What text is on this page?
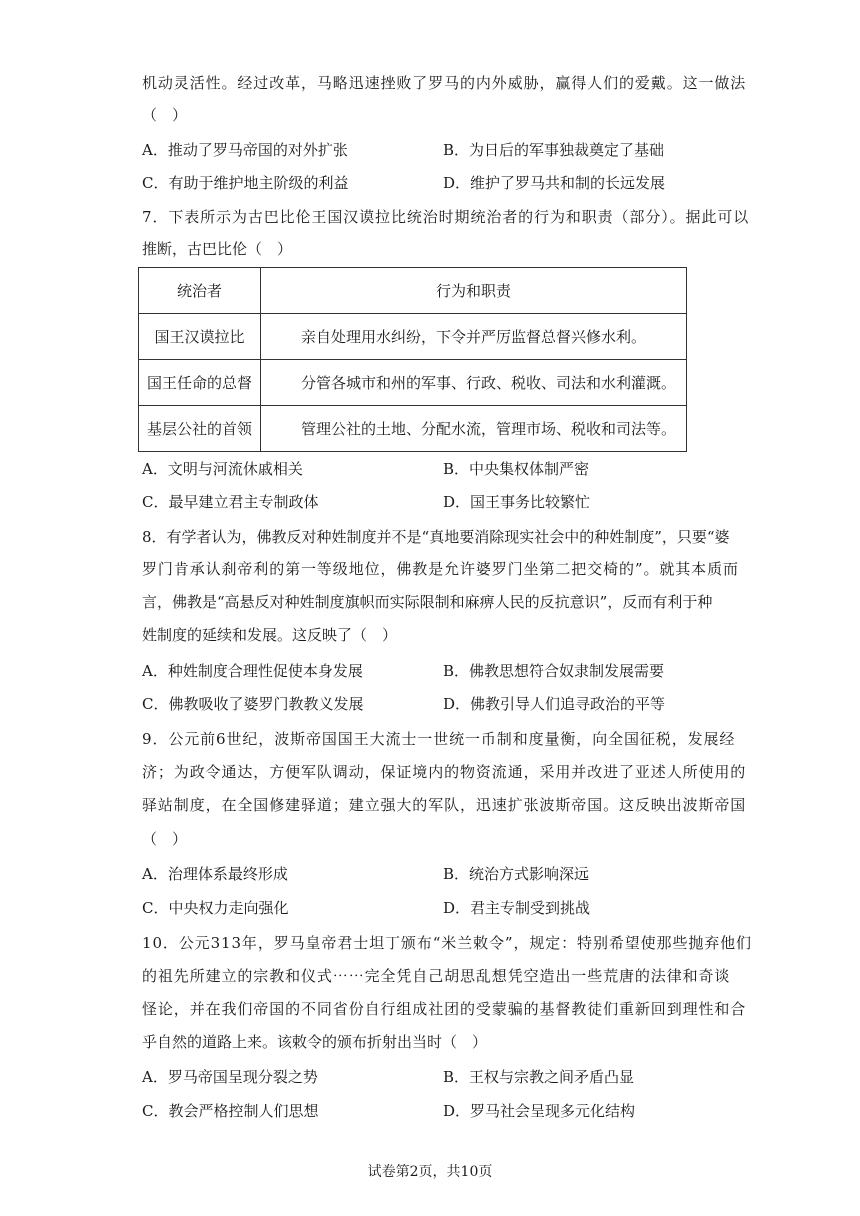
机动灵活性。经过改革，马略迅速挫败了罗马的内外威胁，赢得人们的爱戴。这一做法
（　）
A．推动了罗马帝国的对外扩张	B．为日后的军事独裁奠定了基础
C．有助于维护地主阶级的利益	D．维护了罗马共和制的长远发展
7．下表所示为古巴比伦王国汉谟拉比统治时期统治者的行为和职责（部分）。据此可以
推断，古巴比伦（　）
统治者	行为和职责
国王汉谟拉比	亲自处理用水纠纷，下令并严厉监督总督兴修水利。
国王任命的总督	分管各城市和州的军事、行政、税收、司法和水利灌溉。
基层公社的首领	管理公社的土地、分配水流，管理市场、税收和司法等。
A．文明与河流休戚相关	B．中央集权体制严密
C．最早建立君主专制政体	D．国王事务比较繁忙
8．有学者认为，佛教反对种姓制度并不是“真地要消除现实社会中的种姓制度”，只要“婆
罗门肯承认刹帝利的第一等级地位，佛教是允许婆罗门坐第二把交椅的”。就其本质而
言，佛教是“高悬反对种姓制度旗帜而实际限制和麻痹人民的反抗意识”，反而有利于种
姓制度的延续和发展。这反映了（　）
A．种姓制度合理性促使本身发展	B．佛教思想符合奴隶制发展需要
C．佛教吸收了婆罗门教教义发展	D．佛教引导人们追寻政治的平等
9．公元前6世纪，波斯帝国国王大流士一世统一币制和度量衡，向全国征税，发展经
济；为政令通达，方便军队调动，保证境内的物资流通，采用并改进了亚述人所使用的
驿站制度，在全国修建驿道；建立强大的军队，迅速扩张波斯帝国。这反映出波斯帝国
（　）
A．治理体系最终形成	B．统治方式影响深远
C．中央权力走向强化	D．君主专制受到挑战
10．公元313年，罗马皇帝君士坦丁颁布“米兰敕令”，规定：特别希望使那些抛弃他们
的祖先所建立的宗教和仪式⋯⋯完全凭自己胡思乱想凭空造出一些荒唐的法律和奇谈
怪论，并在我们帝国的不同省份自行组成社团的受蒙骗的基督教徒们重新回到理性和合
乎自然的道路上来。该敕令的颁布折射出当时（　）
A．罗马帝国呈现分裂之势	B．王权与宗教之间矛盾凸显
C．教会严格控制人们思想	D．罗马社会呈现多元化结构
试卷第2页，共10页
